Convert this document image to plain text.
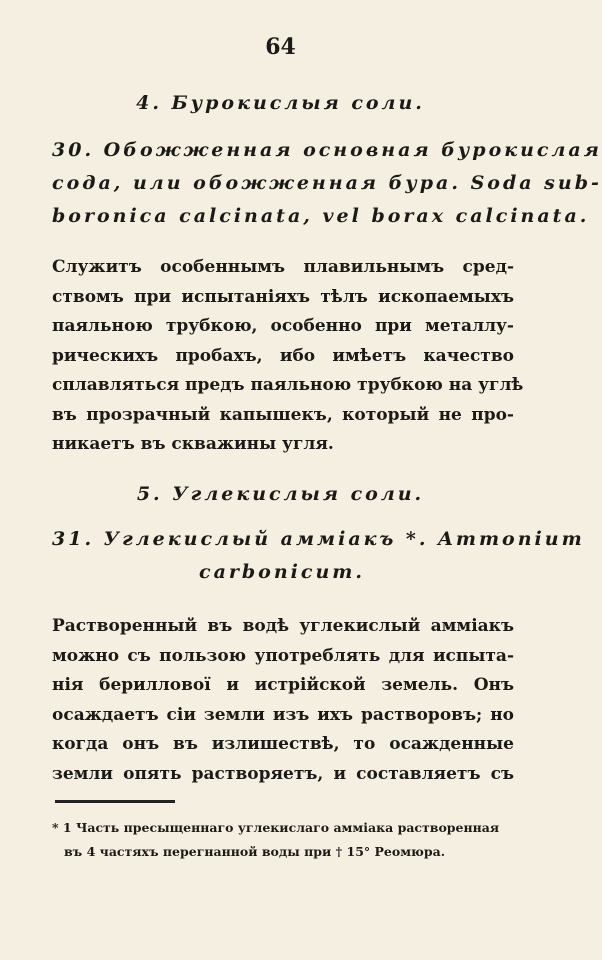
64
4. Бурокислыя соли.
30. Обожженная основная бурокислая
сода, или обожженная бура. Soda sub-
boronica calcinata, vel borax calcinata.
Служитъ особеннымъ плавильнымъ сред-
ствомъ при испытаніяхъ тѣлъ ископаемыхъ
паяльною трубкою, особенно при металлу-
рическихъ пробахъ, ибо имѣетъ качество
сплавляться предъ паяльною трубкою на углѣ
въ прозрачный капышекъ, который не про-
никаетъ въ скважины угля.
5. Углекислыя соли.
31. Углекислый аммiакъ *. Ammonium
carbonicum.
Растворенный въ водѣ углекислый аммiакъ
можно съ пользою употреблять для испыта-
нія бериллової и истрійской земель. Онъ
осаждаетъ сіи земли изъ ихъ растворовъ; но
когда онъ въ излишествѣ, то осажденные
земли опять растворяетъ, и составляетъ съ
* 1 Часть пресыщеннаго углекислаго аммiака растворенная
въ 4 частяхъ перегнанной воды при † 15° Реомюра.
